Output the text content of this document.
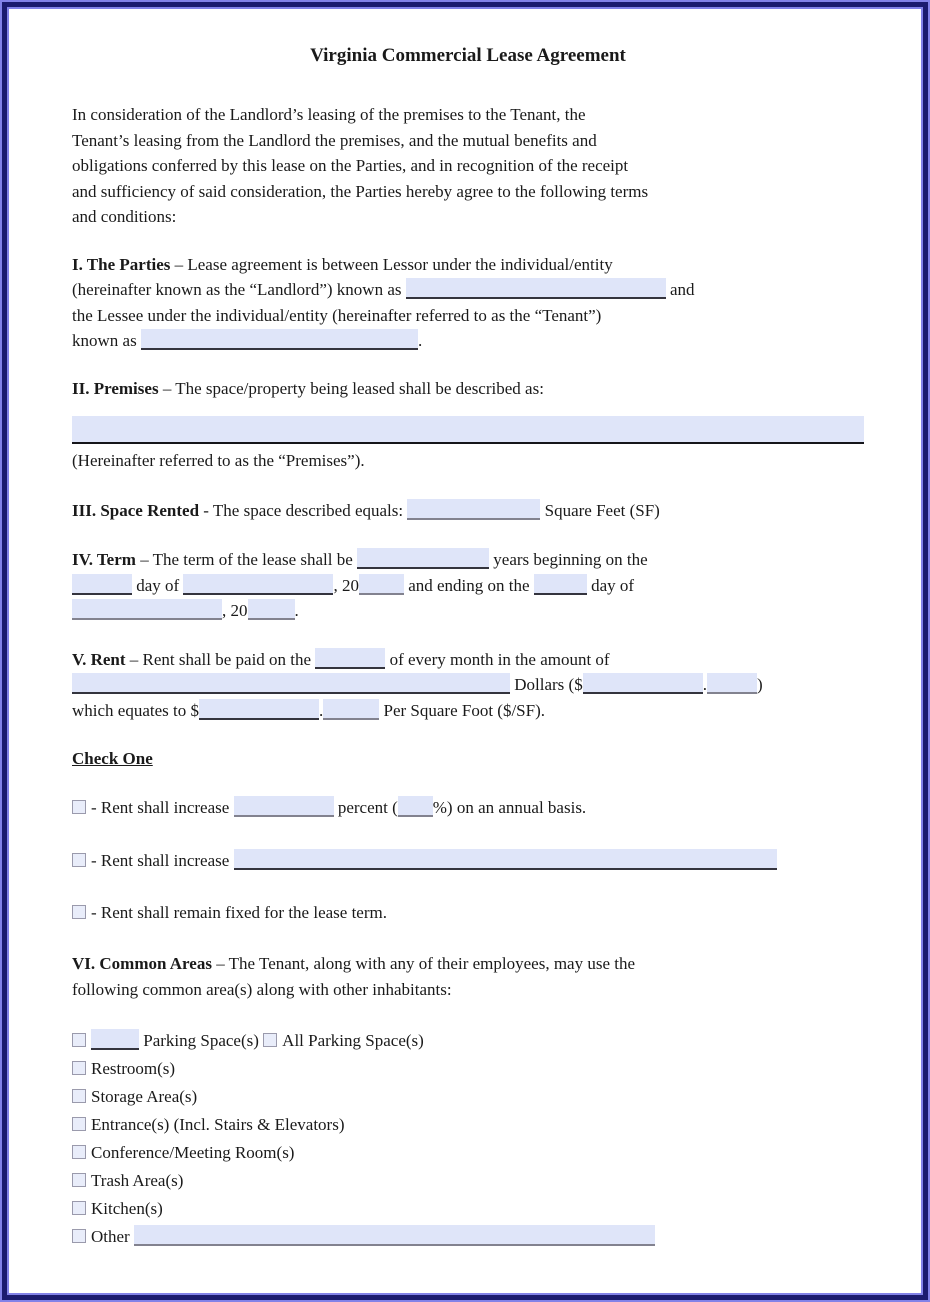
Virginia Commercial Lease Agreement
In consideration of the Landlord’s leasing of the premises to the Tenant, the
Tenant’s leasing from the Landlord the premises, and the mutual benefits and
obligations conferred by this lease on the Parties, and in recognition of the receipt
and sufficiency of said consideration, the Parties hereby agree to the following terms
and conditions:
I. The Parties – Lease agreement is between Lessor under the individual/entity
(hereinafter known as the “Landlord”) known as	and
the Lessee under the individual/entity (hereinafter referred to as the “Tenant”)
known as	.
II. Premises – The space/property being leased shall be described as:
(Hereinafter referred to as the “Premises”).
III. Space Rented - The space described equals:	Square Feet (SF)
IV. Term – The term of the lease shall be	years beginning on the
day of	, 20	and ending on the	day of
, 20	.
V. Rent – Rent shall be paid on the	of every month in the amount of
Dollars ($	.	)
which equates to $	.	Per Square Foot ($/SF).
Check One
- Rent shall increase	percent ( %) on an annual basis.
- Rent shall increase
- Rent shall remain fixed for the lease term.
VI. Common Areas – The Tenant, along with any of their employees, may use the
following common area(s) along with other inhabitants:
Parking Space(s) All Parking Space(s)
Restroom(s)
Storage Area(s)
Entrance(s) (Incl. Stairs & Elevators)
Conference/Meeting Room(s)
Trash Area(s)
Kitchen(s)
Other
